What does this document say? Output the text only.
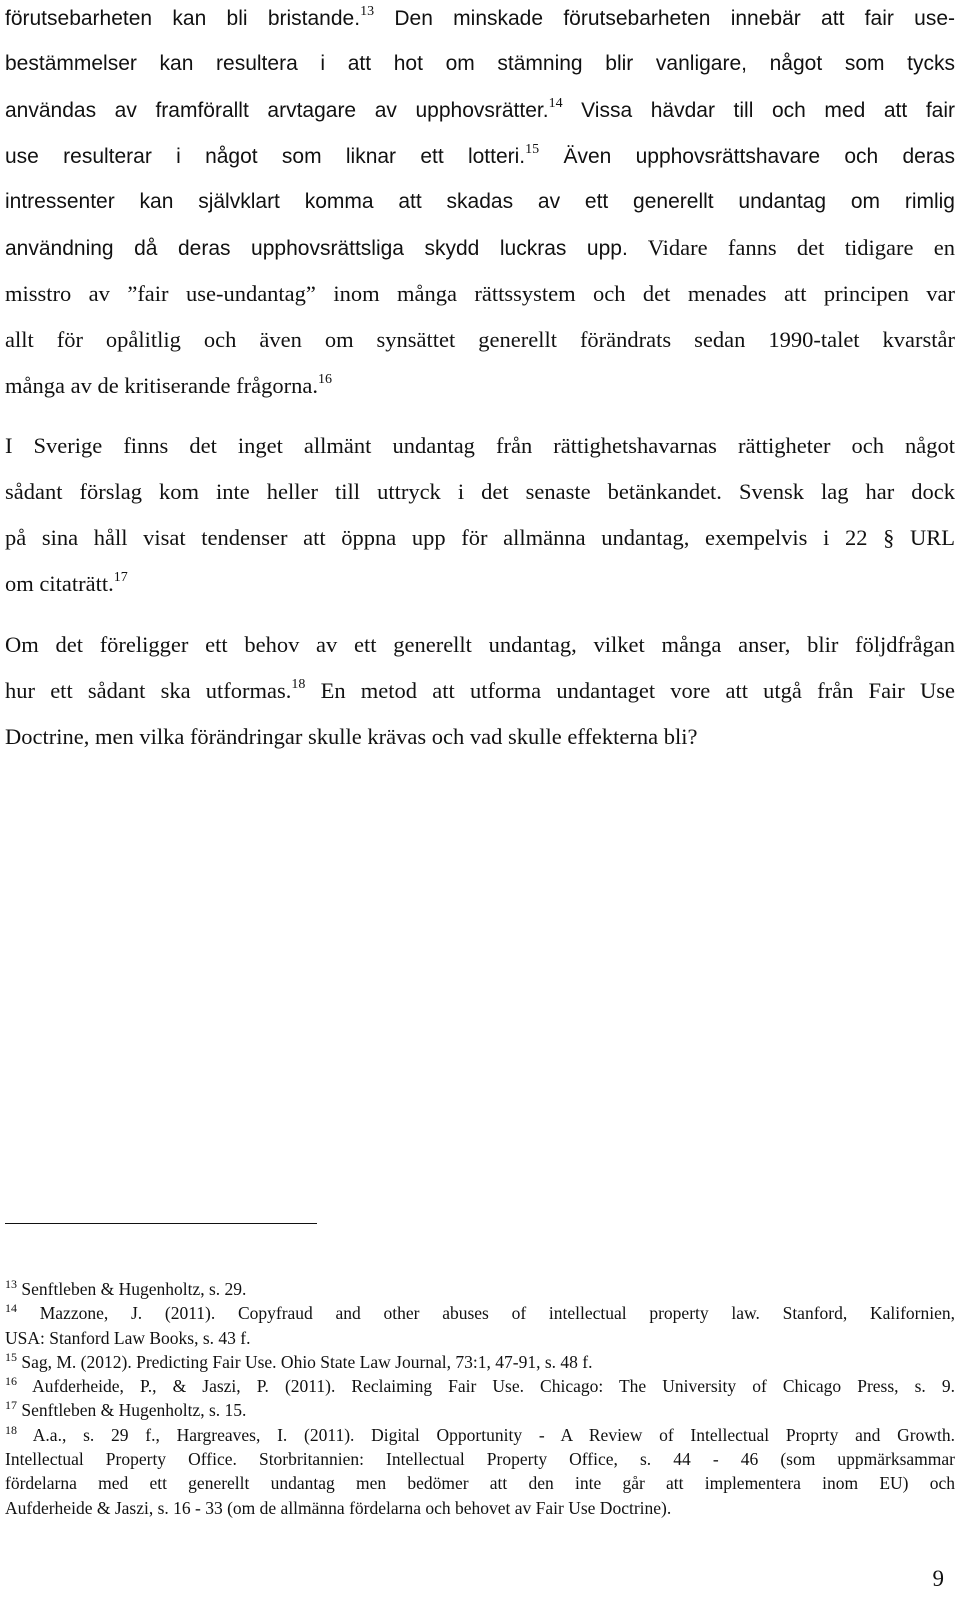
förutsebarheten kan bli bristande.$^{13}$ Den minskade förutsebarheten innebär att fair use-
bestämmelser kan resultera i att hot om stämning blir vanligare, något som tycks
användas av framförallt arvtagare av upphovsrätter.$^{14}$ Vissa hävdar till och med att fair
use resulterar i något som liknar ett lotteri.$^{15}$ Även upphovsrättshavare och deras
intressenter kan självklart komma att skadas av ett generellt undantag om rimlig
användning då deras upphovsrättsliga skydd luckras upp. Vidare fanns det tidigare en
misstro av ”fair use-undantag” inom många rättssystem och det menades att principen var
allt för opålitlig och även om synsättet generellt förändrats sedan 1990-talet kvarstår
många av de kritiserande frågorna.$^{16}$
I Sverige finns det inget allmänt undantag från rättighetshavarnas rättigheter och något
sådant förslag kom inte heller till uttryck i det senaste betänkandet. Svensk lag har dock
på sina håll visat tendenser att öppna upp för allmänna undantag, exempelvis i 22 § URL
om citaträtt.$^{17}$
Om det föreligger ett behov av ett generellt undantag, vilket många anser, blir följdfrågan
hur ett sådant ska utformas.$^{18}$ En metod att utforma undantaget vore att utgå från Fair Use
Doctrine, men vilka förändringar skulle krävas och vad skulle effekterna bli?
$^{13}$ Senftleben & Hugenholtz, s. 29.
$^{14}$ Mazzone, J. (2011). Copyfraud and other abuses of intellectual property law. Stanford, Kalifornien,
USA: Stanford Law Books, s. 43 f.
$^{15}$ Sag, M. (2012). Predicting Fair Use. Ohio State Law Journal, 73:1, 47-91, s. 48 f.
$^{16}$ Aufderheide, P., & Jaszi, P. (2011). Reclaiming Fair Use. Chicago: The University of Chicago Press, s. 9.
$^{17}$ Senftleben & Hugenholtz, s. 15.
$^{18}$ A.a., s. 29 f., Hargreaves, I. (2011). Digital Opportunity - A Review of Intellectual Proprty and Growth.
Intellectual Property Office. Storbritannien: Intellectual Property Office, s. 44 - 46 (som uppmärksammar
fördelarna med ett generellt undantag men bedömer att den inte går att implementera inom EU) och
Aufderheide & Jaszi, s. 16 - 33 (om de allmänna fördelarna och behovet av Fair Use Doctrine).
9
